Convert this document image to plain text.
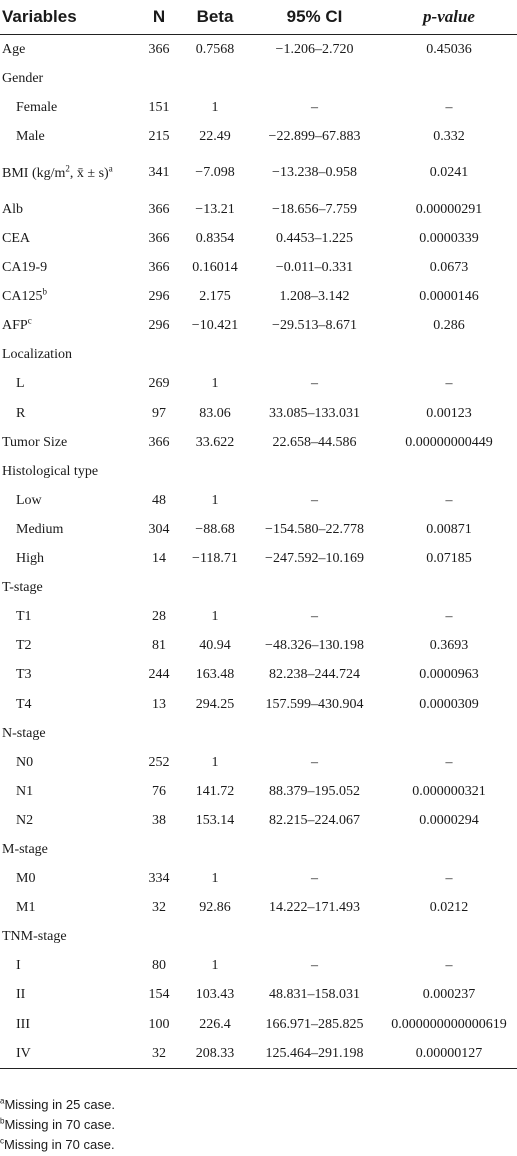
Variables	N	Beta	95% CI	p-value
Age	366	0.7568	−1.206–2.720	0.45036
Gender				
Female	151	1	–	–
Male	215	22.49	−22.899–67.883	0.332
BMI ($kg/m^2$, x̄ ± s)$^a$	341	−7.098	−13.238–0.958	0.0241
Alb	366	−13.21	−18.656–7.759	0.00000291
CEA	366	0.8354	0.4453–1.225	0.0000339
CA19-9	366	0.16014	−0.011–0.331	0.0673
CA125$^b$	296	2.175	1.208–3.142	0.0000146
AFP$^c$	296	−10.421	−29.513–8.671	0.286
Localization				
L	269	1	–	–
R	97	83.06	33.085–133.031	0.00123
Tumor Size	366	33.622	22.658–44.586	0.00000000449
Histological type				
Low	48	1	–	–
Medium	304	−88.68	−154.580–22.778	0.00871
High	14	−118.71	−247.592–10.169	0.07185
T-stage				
T1	28	1	–	–
T2	81	40.94	−48.326–130.198	0.3693
T3	244	163.48	82.238–244.724	0.0000963
T4	13	294.25	157.599–430.904	0.0000309
N-stage				
N0	252	1	–	–
N1	76	141.72	88.379–195.052	0.000000321
N2	38	153.14	82.215–224.067	0.0000294
M-stage				
M0	334	1	–	–
M1	32	92.86	14.222–171.493	0.0212
TNM-stage				
I	80	1	–	–
II	154	103.43	48.831–158.031	0.000237
III	100	226.4	166.971–285.825	0.000000000000619
IV	32	208.33	125.464–291.198	0.00000127
$^a$Missing in 25 case.
$^b$Missing in 70 case.
$^c$Missing in 70 case.
